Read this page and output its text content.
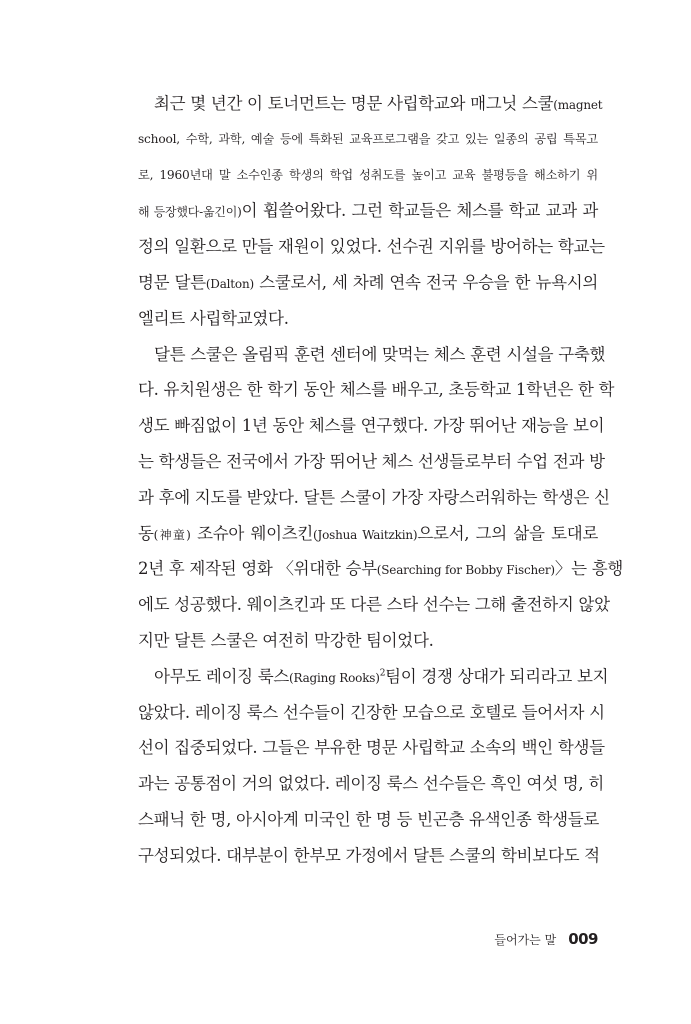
최근 몇 년간 이 토너먼트는 명문 사립학교와 매그닛 스쿨(magnet
school, 수학, 과학, 예술 등에 특화된 교육프로그램을 갖고 있는 일종의 공립 특목고
로, 1960년대 말 소수인종 학생의 학업 성취도를 높이고 교육 불평등을 해소하기 위
해 등장했다-옮긴이)이 휩쓸어왔다. 그런 학교들은 체스를 학교 교과 과
정의 일환으로 만들 재원이 있었다. 선수권 지위를 방어하는 학교는
명문 달튼(Dalton) 스쿨로서, 세 차례 연속 전국 우승을 한 뉴욕시의
엘리트 사립학교였다.
달튼 스쿨은 올림픽 훈련 센터에 맞먹는 체스 훈련 시설을 구축했
다. 유치원생은 한 학기 동안 체스를 배우고, 초등학교 1학년은 한 학
생도 빠짐없이 1년 동안 체스를 연구했다. 가장 뛰어난 재능을 보이
는 학생들은 전국에서 가장 뛰어난 체스 선생들로부터 수업 전과 방
과 후에 지도를 받았다. 달튼 스쿨이 가장 자랑스러워하는 학생은 신
동(神童) 조슈아 웨이츠킨(Joshua Waitzkin)으로서, 그의 삶을 토대로
2년 후 제작된 영화 〈위대한 승부(Searching for Bobby Fischer)〉는 흥행
에도 성공했다. 웨이츠킨과 또 다른 스타 선수는 그해 출전하지 않았
지만 달튼 스쿨은 여전히 막강한 팀이었다.
아무도 레이징 룩스(Raging Rooks)$^2$팀이 경쟁 상대가 되리라고 보지
않았다. 레이징 룩스 선수들이 긴장한 모습으로 호텔로 들어서자 시
선이 집중되었다. 그들은 부유한 명문 사립학교 소속의 백인 학생들
과는 공통점이 거의 없었다. 레이징 룩스 선수들은 흑인 여섯 명, 히
스패닉 한 명, 아시아계 미국인 한 명 등 빈곤층 유색인종 학생들로
구성되었다. 대부분이 한부모 가정에서 달튼 스쿨의 학비보다도 적
들어가는 말 009
